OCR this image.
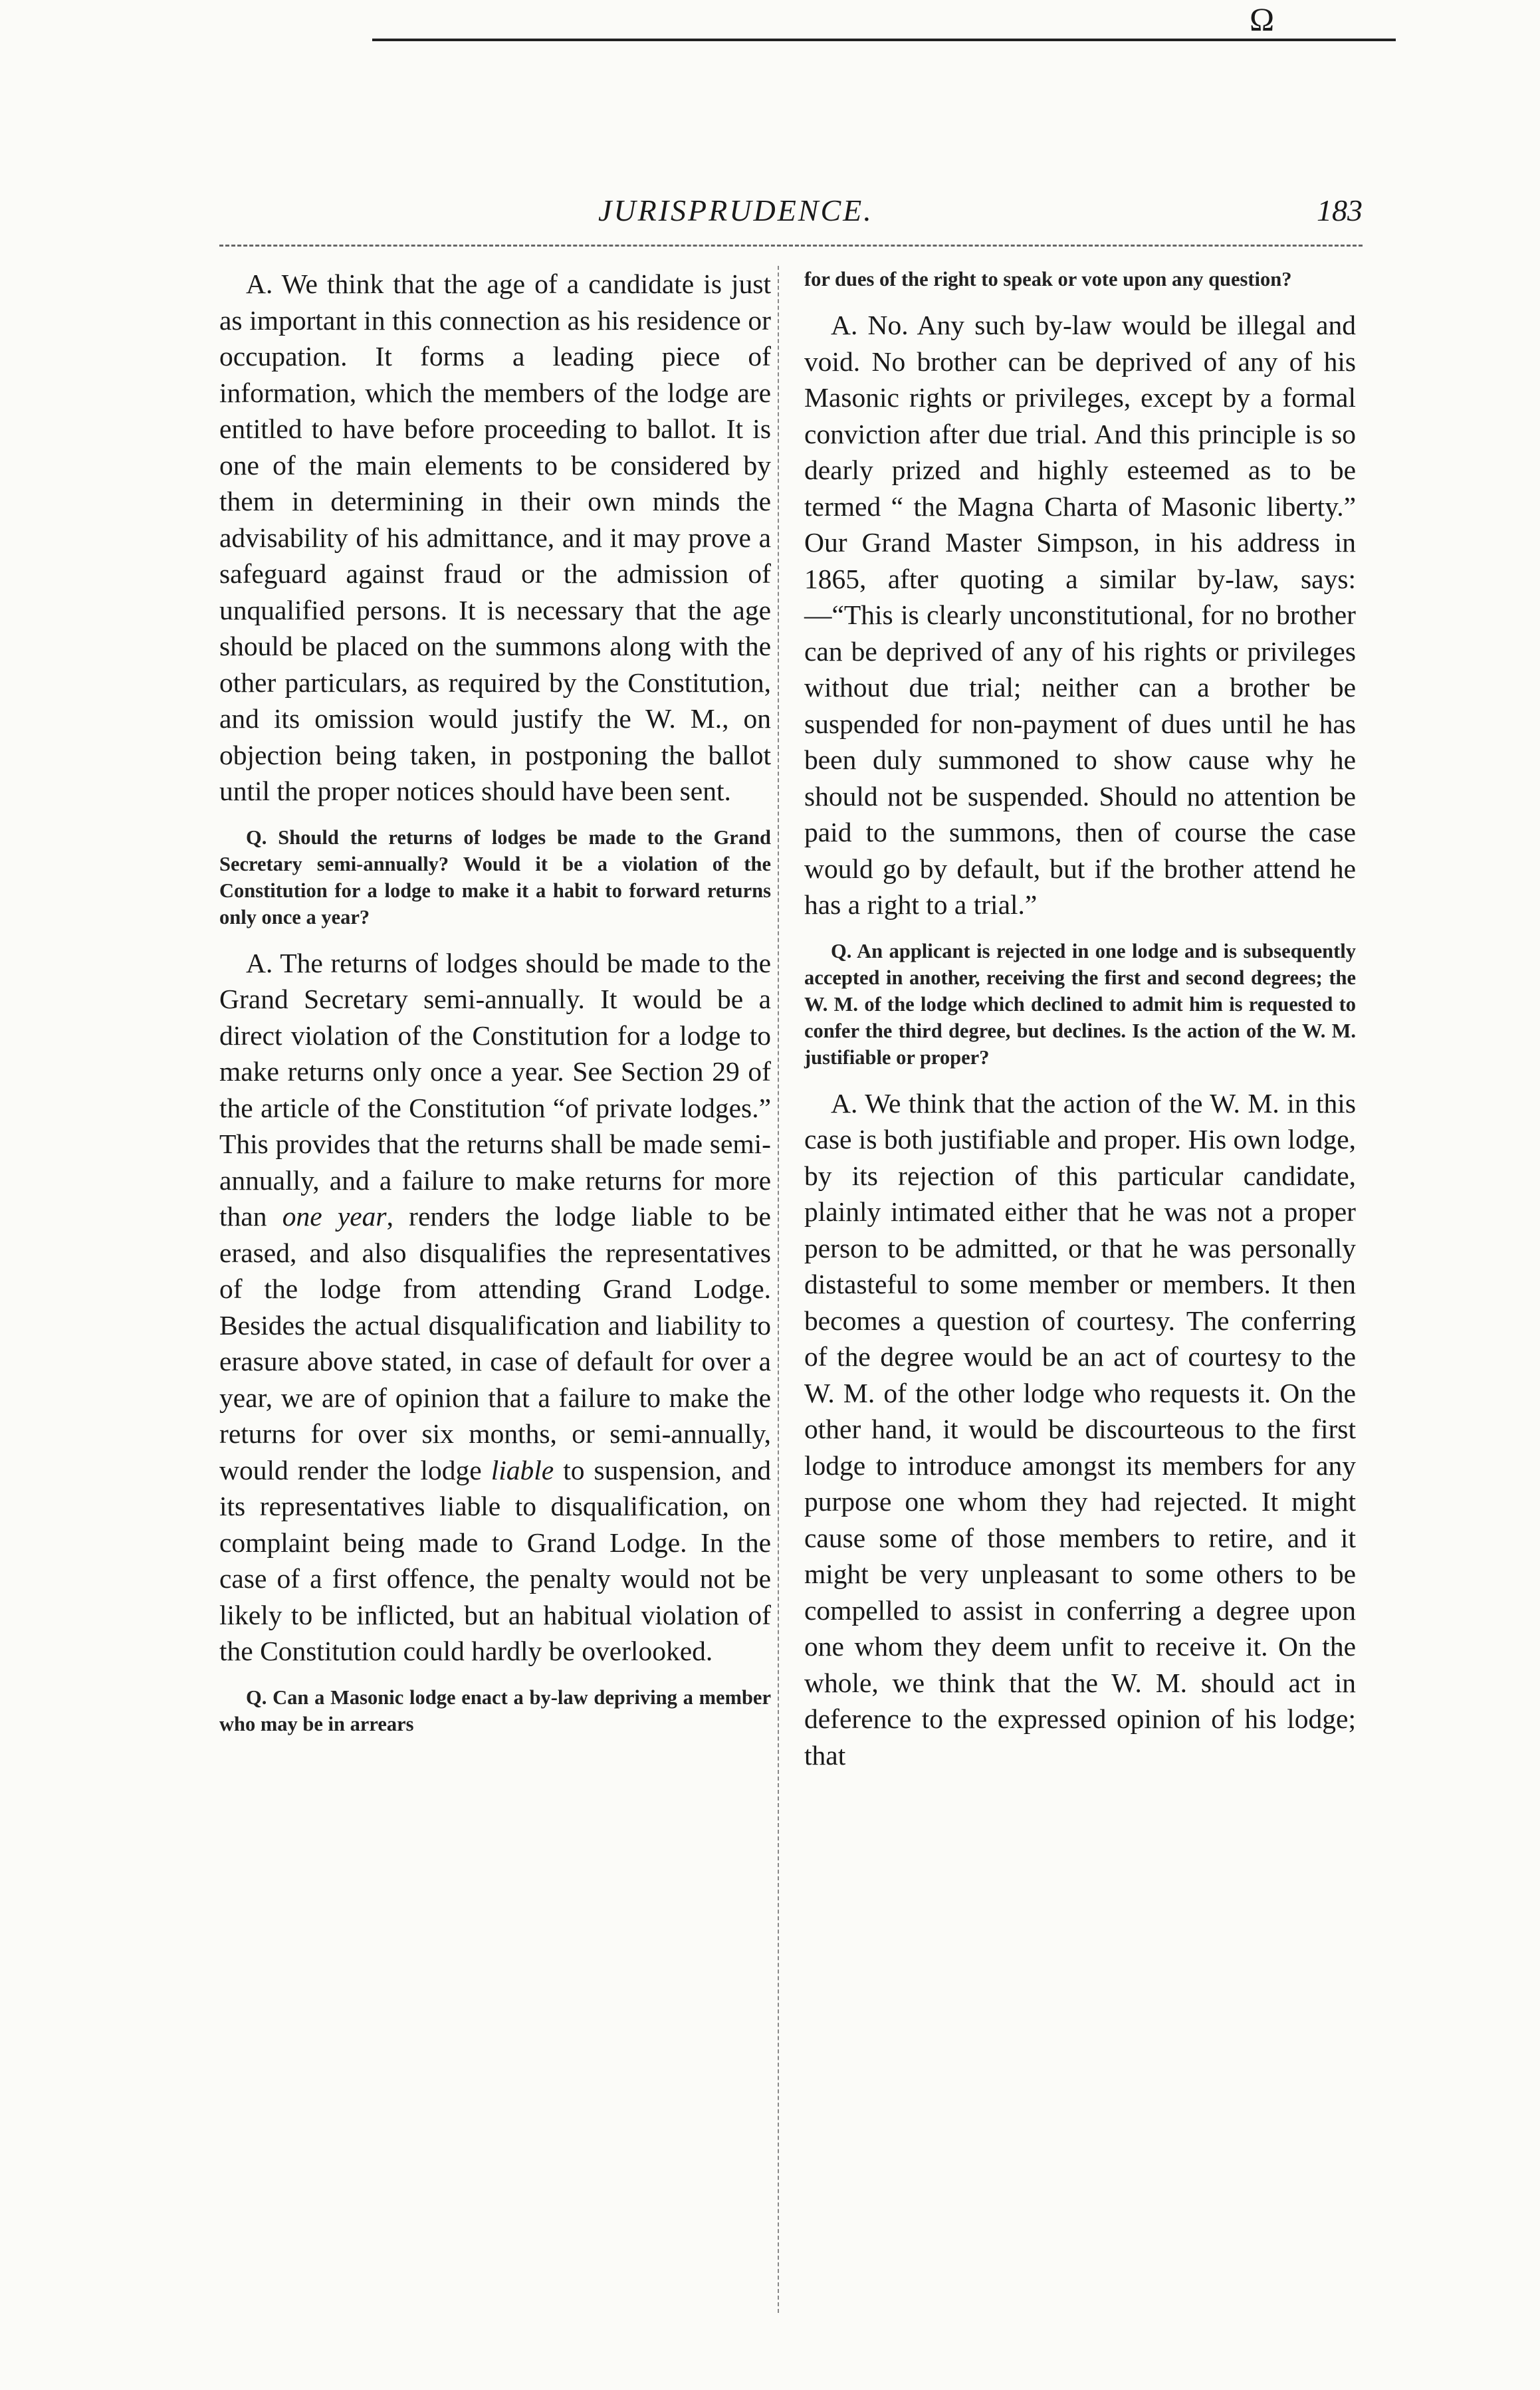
Ω
JURISPRUDENCE.	183

A. We think that the age of a candidate is just as important in this connection as his residence or occupation. It forms a leading piece of information, which the members of the lodge are entitled to have before proceeding to ballot. It is one of the main elements to be considered by them in determining in their own minds the advisability of his admittance, and it may prove a safeguard against fraud or the admission of unqualified persons. It is necessary that the age should be placed on the summons along with the other particulars, as required by the Constitution, and its omission would justify the W. M., on objection being taken, in postponing the ballot until the proper notices should have been sent.

Q. Should the returns of lodges be made to the Grand Secretary semi-annually? Would it be a violation of the Constitution for a lodge to make it a habit to forward returns only once a year?

A. The returns of lodges should be made to the Grand Secretary semi-annually. It would be a direct violation of the Constitution for a lodge to make returns only once a year. See Section 29 of the article of the Constitution “of private lodges.” This provides that the returns shall be made semi-annually, and a failure to make returns for more than one year, renders the lodge liable to be erased, and also disqualifies the representatives of the lodge from attending Grand Lodge. Besides the actual disqualification and liability to erasure above stated, in case of default for over a year, we are of opinion that a failure to make the returns for over six months, or semi-annually, would render the lodge liable to suspension, and its representatives liable to disqualification, on complaint being made to Grand Lodge. In the case of a first offence, the penalty would not be likely to be inflicted, but an habitual violation of the Constitution could hardly be overlooked.

Q. Can a Masonic lodge enact a by-law depriving a member who may be in arrears

for dues of the right to speak or vote upon any question?

A. No. Any such by-law would be illegal and void. No brother can be deprived of any of his Masonic rights or privileges, except by a formal conviction after due trial. And this principle is so dearly prized and highly esteemed as to be termed “ the Magna Charta of Masonic liberty.” Our Grand Master Simpson, in his address in 1865, after quoting a similar by-law, says:—“This is clearly unconstitutional, for no brother can be deprived of any of his rights or privileges without due trial; neither can a brother be suspended for non-payment of dues until he has been duly summoned to show cause why he should not be suspended. Should no attention be paid to the summons, then of course the case would go by default, but if the brother attend he has a right to a trial.”

Q. An applicant is rejected in one lodge and is subsequently accepted in another, receiving the first and second degrees; the W. M. of the lodge which declined to admit him is requested to confer the third degree, but declines. Is the action of the W. M. justifiable or proper?

A. We think that the action of the W. M. in this case is both justifiable and proper. His own lodge, by its rejection of this particular candidate, plainly intimated either that he was not a proper person to be admitted, or that he was personally distasteful to some member or members. It then becomes a question of courtesy. The conferring of the degree would be an act of courtesy to the W. M. of the other lodge who requests it. On the other hand, it would be discourteous to the first lodge to introduce amongst its members for any purpose one whom they had rejected. It might cause some of those members to retire, and it might be very unpleasant to some others to be compelled to assist in conferring a degree upon one whom they deem unfit to receive it. On the whole, we think that the W. M. should act in deference to the expressed opinion of his lodge; that
